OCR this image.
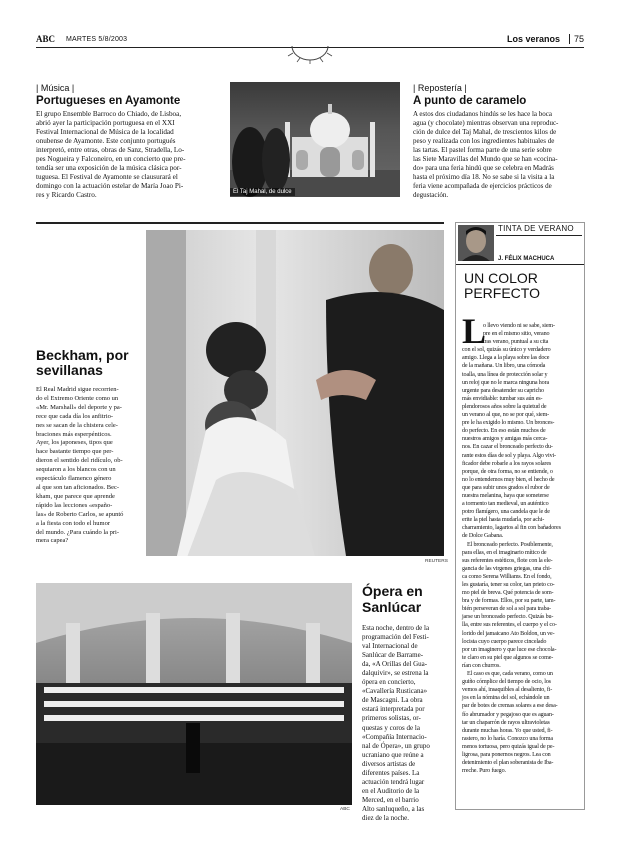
ABC MARTES 5/8/2003	Los veranos	75
| Música |
Portugueses en Ayamonte
El grupo Ensemble Barroco do Chiado, de Lisboa,
abrió ayer la participación portuguesa en el XXI
Festival Internacional de Música de la localidad
onubense de Ayamonte. Este conjunto portugués
interpretó, entre otras, obras de Sanz, Stradella, Lo-
pes Nogueira y Falconeiro, en un concierto que pre-
tendía ser una exposición de la música clásica por-
tuguesa. El Festival de Ayamonte se clausurará el
domingo con la actuación estelar de María Joao Pi-
res y Ricardo Castro.	El Taj Mahal, de dulce
| Repostería |
A punto de caramelo
A estos dos ciudadanos hindús se les hace la boca
agua (y chocolate) mientras observan una reproduc-
ción de dulce del Taj Mahal, de trescientos kilos de
peso y realizada con los ingredientes habituales de
las tartas. El pastel forma parte de una serie sobre
las Siete Maravillas del Mundo que se han «cocina-
do» para una feria hindú que se celebra en Madrás
hasta el próximo día 18. No se sabe si la visita a la
feria viene acompañada de ejercicios prácticos de
degustación.
Beckham, por
sevillanas
El Real Madrid sigue recorrien-
do el Extremo Oriente como un
«Mr. Marshall» del deporte y pa-
rece que cada día los anfitrio-
nes se sacan de la chistera cele-
braciones más esperpénticos.
Ayer, los japoneses, tipos que
hace bastante tiempo que per-
dieron el sentido del ridículo, ob-
sequiaron a los blancos con un
espectáculo flamenco género
al que son tan aficionados. Bec-
kham, que parece que aprende
rápido las lecciones «españo-
las» de Roberto Carlos, se apuntó
a la fiesta con todo el humor
del mundo. ¿Para cuándo la pri-
mera capea?
REUTERS
ABC
Ópera en
Sanlúcar
Esta noche, dentro de la
programación del Festi-
val Internacional de
Sanlúcar de Barrame-
da, «A Orillas del Gua-
dalquivir», se estrena la
ópera en concierto,
«Cavallería Rusticana»
de Mascagni. La obra
estará interpretada por
primeros solistas, or-
questas y coros de la
«Compañía Internacio-
nal de Ópera», un grupo
ucraniano que reúne a
diversos artistas de
diferentes países. La
actuación tendrá lugar
en el Auditorio de la
Merced, en el barrio
Alto sanluqueño, a las
diez de la noche.
TINTA DE VERANO
J. FÉLIX MACHUCA
UN COLOR
PERFECTO
L
o llevo viendo ni se sabe, siem-
pre en el mismo sitio, verano
tras verano, puntual a su cita
con el sol, quizás su único y verdadero
amigo. Llega a la playa sobre las doce
de la mañana. Un libro, una cómoda
toalla, una línea de protección solar y
un reloj que no le marca ninguna hora
urgente para desatender su capricho
más envidiable: tumbar sus aún es-
plendorosos años sobre la quietud de
un verano al que, no se por qué, siem-
pre le ha exigido lo mismo. Un bronces-
do perfecto. En eso están muchos de
nuestros amigos y amigas más cerca-
nos. En cazar el bronceado perfecto du-
rante estos días de sol y playa. Algo vivi-
ficador debe robarle a los rayos solares
porque, de otra forma, no se entiende, o
no lo entendemos muy bien, el hecho de
que para subir unos grados el rubor de
nuestra melanina, haya que someterse
a tormento tan medieval, un auténtico
potro flamígero, una candela que le de
erite la piel hasta mudarla, por achi-
charramiento, lagartos al fin con bañadores
de Dolce Gabana.
El bronceado perfecto. Posiblemente,
para ellas, en el imaginario mítico de
sus referentes estéticos, flote con la ele-
gancia de las virgenes griegas, una chi-
ca como Serena Williams. En el fondo,
les gustaría, tener su color, tan prieto co-
mo piel de breva. Qué potencia de som-
bra y de formas. Ellos, por su parte, tam-
bién perseveran de sol a sol para traba-
jarse un bronceado perfecto. Quizás bu-
lla, entre sus referentes, el cuerpo y el co-
lorido del jamaicano Ato Boldon, un ve-
locista cuyo cuerpo parece cincelado
por un imaginero y que luce ese chocola-
te claro en su piel que algunos se come-
rían con churros.
El caso es que, cada verano, como un
guiño cómplice del tiempo de ocio, los
vemos ahí, insaquibles al desaliento, fi-
jos en la nómina del sol, echándole un
par de botes de cremas solares a ese desa-
fío abrumador y pegajoso que es aguan-
tar un chaparrón de rayos ultravioletas
durante muchas horas. Yo que usted, fi-
rastero, no lo haría. Conozco una forma
menos tortuosa, pero quizás igual de pe-
ligrosa, para ponernos negros. Lea con
detenimiento el plan soberanista de Iba-
rreche. Puro fuego.
